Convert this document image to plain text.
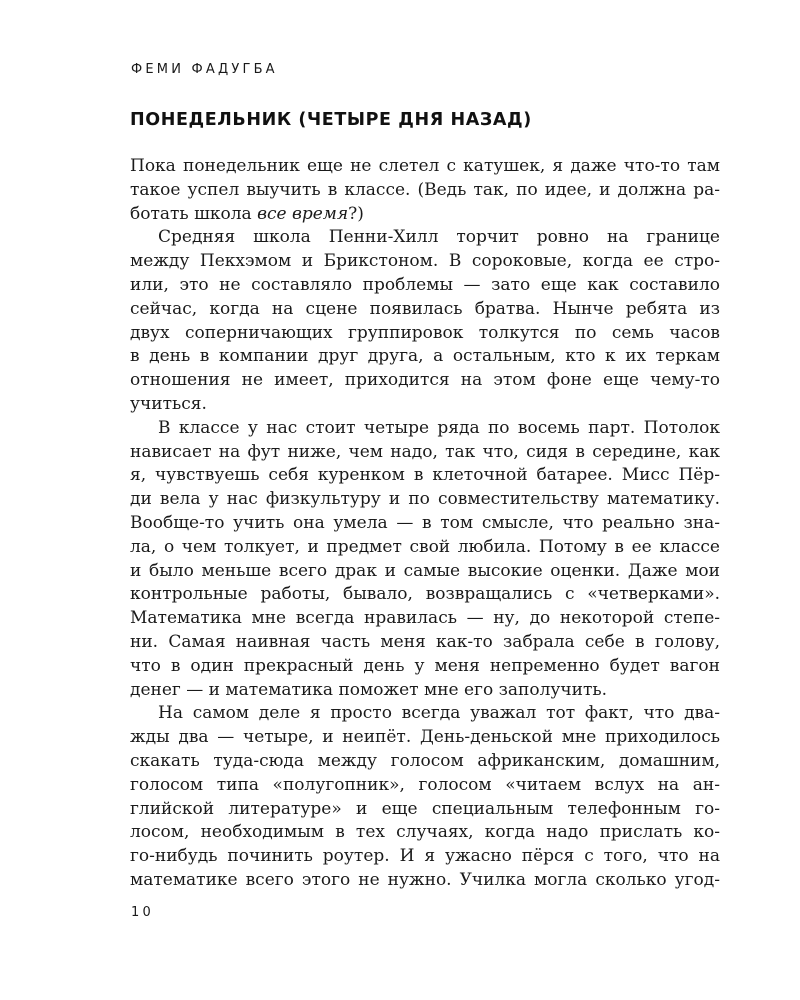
ФЕМИ ФАДУГБА
ПОНЕДЕЛЬНИК (ЧЕТЫРЕ ДНЯ НАЗАД)
Пока понедельник еще не слетел с катушек, я даже что-то там
такое успел выучить в классе. (Ведь так, по идее, и должна ра-
ботать школа все время?)
Средняя школа Пенни-Хилл торчит ровно на границе
между Пекхэмом и Брикстоном. В сороковые, когда ее стро-
или, это не составляло проблемы — зато еще как составило
сейчас, когда на сцене появилась братва. Нынче ребята из
двух соперничающих группировок толкутся по семь часов
в день в компании друг друга, а остальным, кто к их теркам
отношения не имеет, приходится на этом фоне еще чему-то
учиться.
В классе у нас стоит четыре ряда по восемь парт. Потолок
нависает на фут ниже, чем надо, так что, сидя в середине, как
я, чувствуешь себя куренком в клеточной батарее. Мисс Пёр-
ди вела у нас физкультуру и по совместительству математику.
Вообще-то учить она умела — в том смысле, что реально зна-
ла, о чем толкует, и предмет свой любила. Потому в ее классе
и было меньше всего драк и самые высокие оценки. Даже мои
контрольные работы, бывало, возвращались с «четверками».
Математика мне всегда нравилась — ну, до некоторой степе-
ни. Самая наивная часть меня как-то забрала себе в голову,
что в один прекрасный день у меня непременно будет вагон
денег — и математика поможет мне его заполучить.
На самом деле я просто всегда уважал тот факт, что два-
жды два — четыре, и неипёт. День-деньской мне приходилось
скакать туда-сюда между голосом африканским, домашним,
голосом типа «полугопник», голосом «читаем вслух на ан-
глийской литературе» и еще специальным телефонным го-
лосом, необходимым в тех случаях, когда надо прислать ко-
го-нибудь починить роутер. И я ужасно пёрся с того, что на
математике всего этого не нужно. Училка могла сколько угод-
10
